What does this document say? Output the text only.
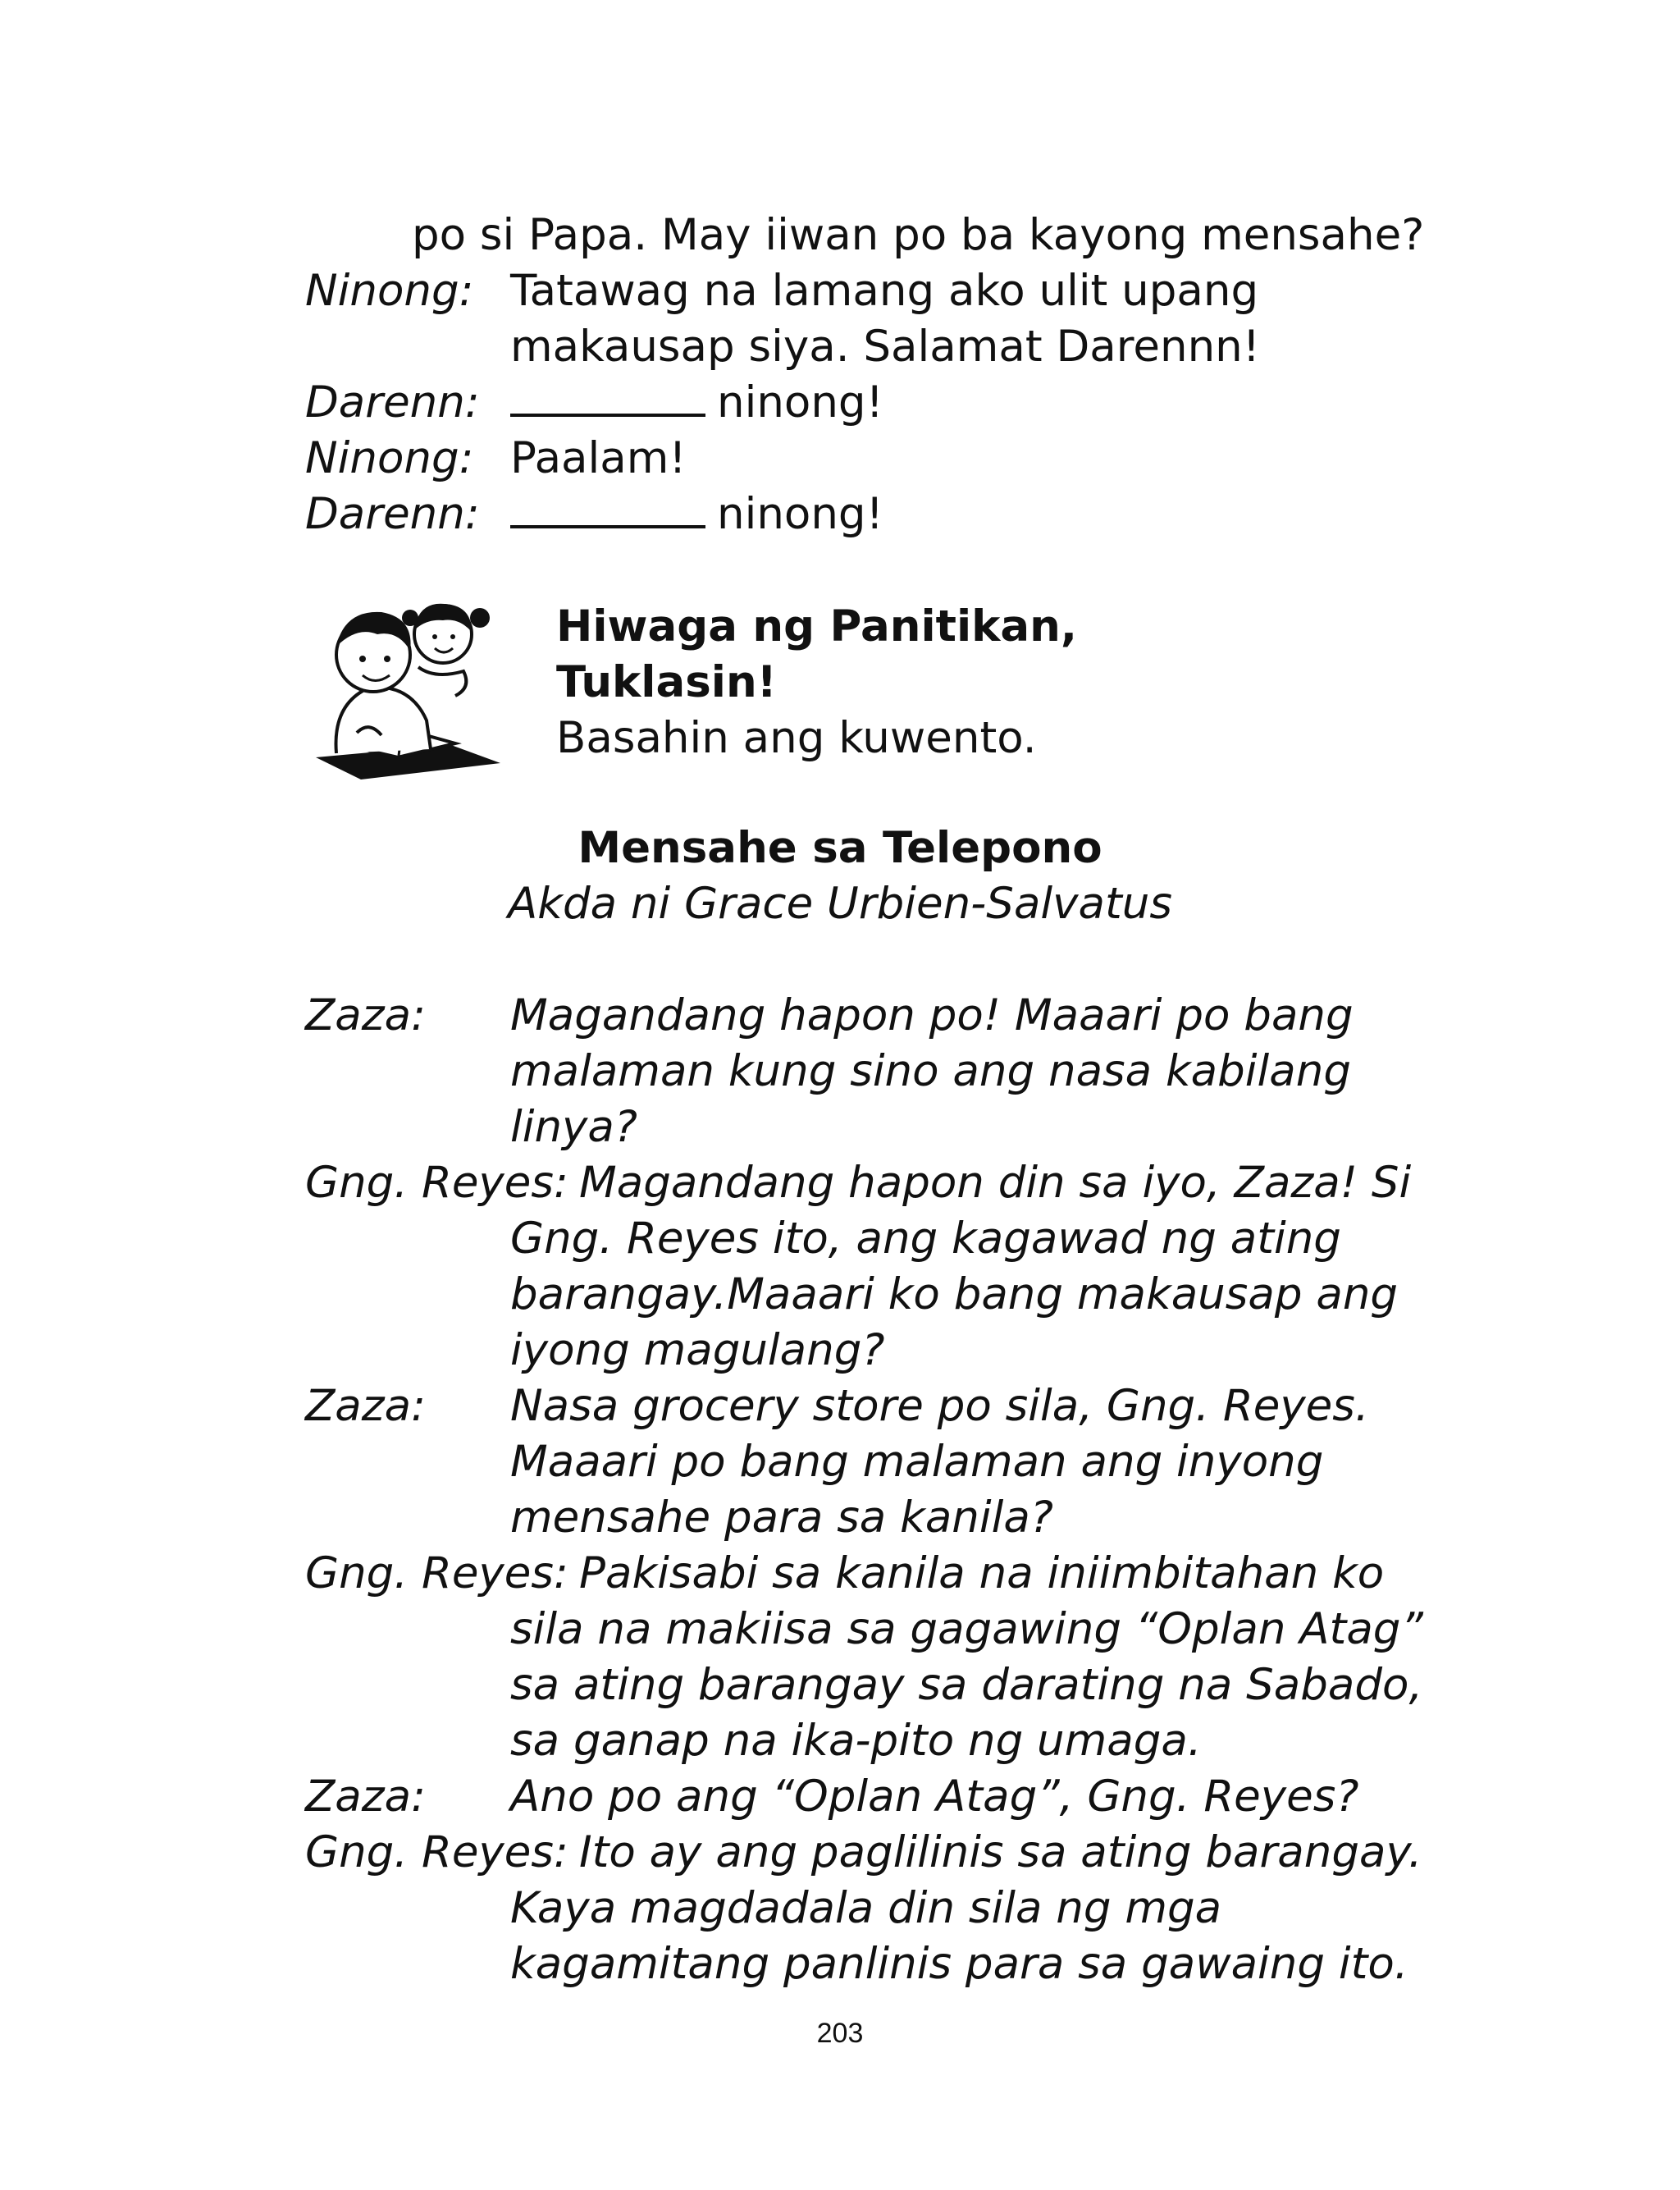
po si Papa. May iiwan po ba kayong mensahe?
Ninong: Tatawag na lamang ako ulit upang
makausap siya. Salamat Darennn!
Darenn:	ninong!
Ninong: Paalam!
Darenn:	ninong!
Hiwaga ng Panitikan,
Tuklasin!
Basahin ang kuwento.
Mensahe sa Telepono
Akda ni Grace Urbien-Salvatus
Zaza: Magandang hapon po! Maaari po bang
malaman kung sino ang nasa kabilang
linya?
Gng. Reyes: Magandang hapon din sa iyo, Zaza! Si
Gng. Reyes ito, ang kagawad ng ating
barangay.Maaari ko bang makausap ang
iyong magulang?
Zaza: Nasa grocery store po sila, Gng. Reyes.
Maaari po bang malaman ang inyong
mensahe para sa kanila?
Gng. Reyes: Pakisabi sa kanila na iniimbitahan ko
sila na makiisa sa gagawing “Oplan Atag”
sa ating barangay sa darating na Sabado,
sa ganap na ika-pito ng umaga.
Zaza: Ano po ang “Oplan Atag”, Gng. Reyes?
Gng. Reyes: Ito ay ang paglilinis sa ating barangay.
Kaya magdadala din sila ng mga
kagamitang panlinis para sa gawaing ito.
203
